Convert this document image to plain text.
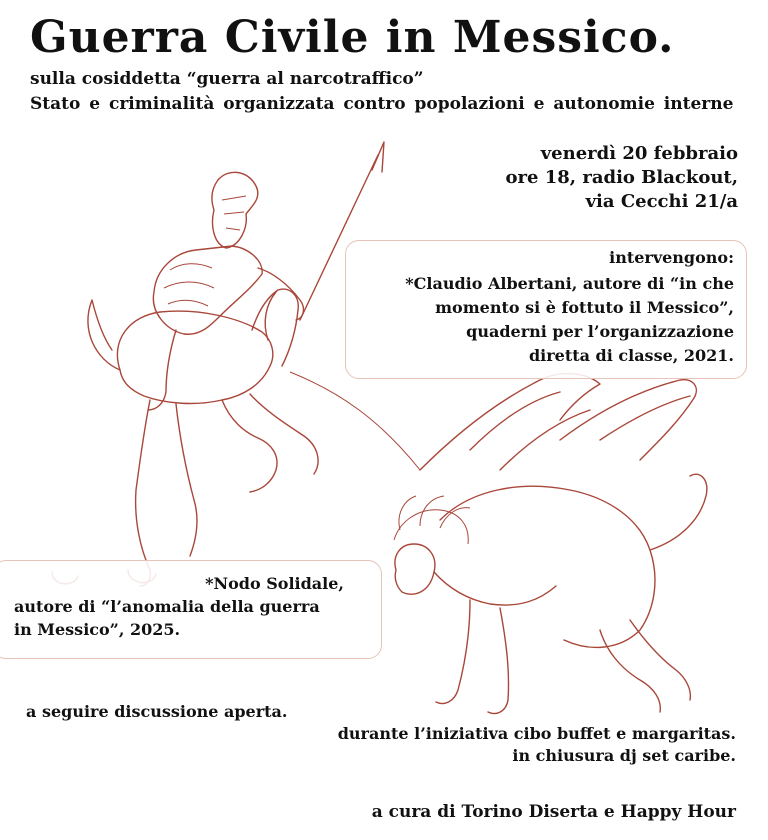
Guerra Civile in Messico.
sulla cosiddetta “guerra al narcotraffico”
Stato e criminalità organizzata contro popolazioni e autonomie interne
venerdì 20 febbraio
ore 18, radio Blackout,
via Cecchi 21/a
intervengono:
*Claudio Albertani, autore di “in che
momento si è fottuto il Messico”,
quaderni per l’organizzazione
diretta di classe, 2021.
*Nodo Solidale,
autore di “l’anomalia della guerra
in Messico”, 2025.
a seguire discussione aperta.
durante l’iniziativa cibo buffet e margaritas.
in chiusura dj set caribe.
a cura di Torino Diserta e Happy Hour
